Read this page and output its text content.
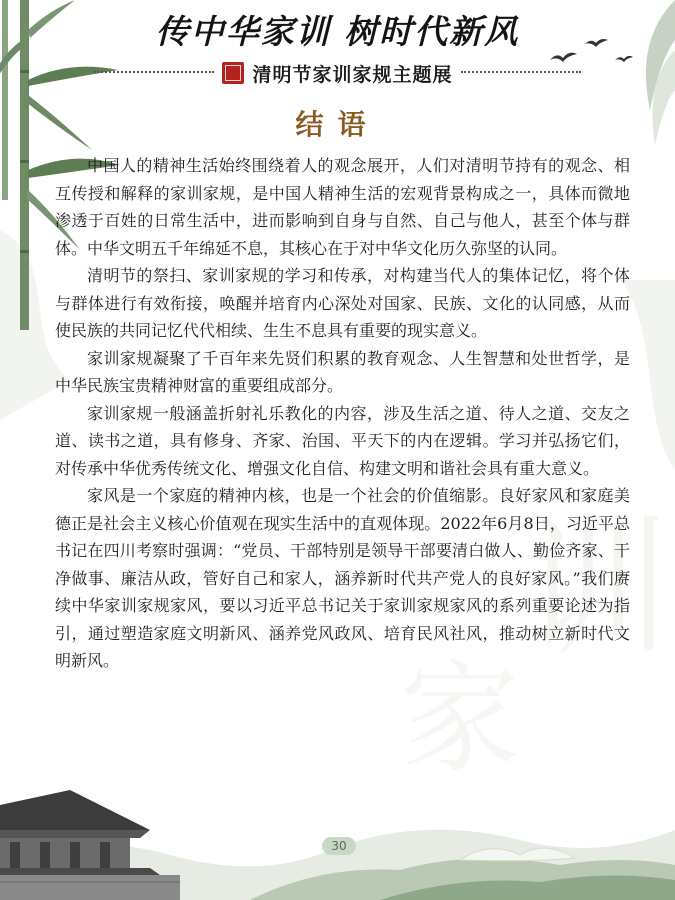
训
家
传中华家训 树时代新风
清明节家训家规主题展
结语

中国人的精神生活始终围绕着人的观念展开，人们对清明节持有的观念、相互传授和解释的家训家规，是中国人精神生活的宏观背景构成之一，具体而微地渗透于百姓的日常生活中，进而影响到自身与自然、自己与他人，甚至个体与群体。中华文明五千年绵延不息，其核心在于对中华文化历久弥坚的认同。

清明节的祭扫、家训家规的学习和传承，对构建当代人的集体记忆，将个体与群体进行有效衔接，唤醒并培育内心深处对国家、民族、文化的认同感，从而使民族的共同记忆代代相续、生生不息具有重要的现实意义。

家训家规凝聚了千百年来先贤们积累的教育观念、人生智慧和处世哲学，是中华民族宝贵精神财富的重要组成部分。

家训家规一般涵盖折射礼乐教化的内容，涉及生活之道、待人之道、交友之道、读书之道，具有修身、齐家、治国、平天下的内在逻辑。学习并弘扬它们，对传承中华优秀传统文化、增强文化自信、构建文明和谐社会具有重大意义。

家风是一个家庭的精神内核，也是一个社会的价值缩影。良好家风和家庭美德正是社会主义核心价值观在现实生活中的直观体现。2022年6月8日，习近平总书记在四川考察时强调：“党员、干部特别是领导干部要清白做人、勤俭齐家、干净做事、廉洁从政，管好自己和家人，涵养新时代共产党人的良好家风。”我们赓续中华家训家规家风，要以习近平总书记关于家训家规家风的系列重要论述为指引，通过塑造家庭文明新风、涵养党风政风、培育民风社风，推动树立新时代文明新风。

30
